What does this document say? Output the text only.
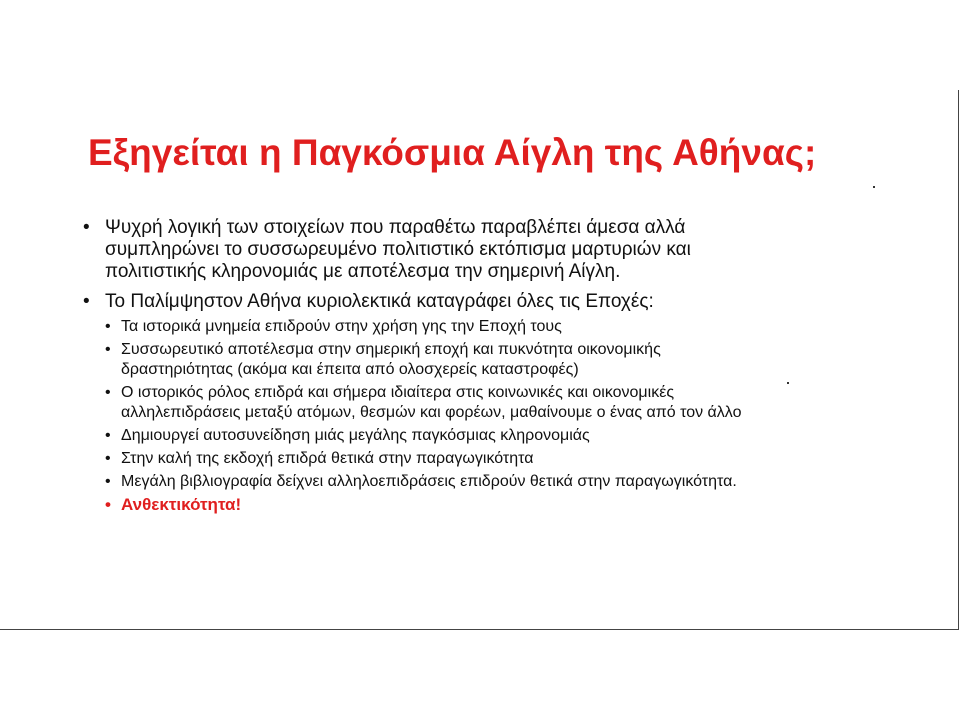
Εξηγείται η Παγκόσμια Αίγλη της Αθήνας;
• Ψυχρή λογική των στοιχείων που παραθέτω παραβλέπει άμεσα αλλά
συμπληρώνει το συσσωρευμένο πολιτιστικό εκτόπισμα μαρτυριών και
πολιτιστικής κληρονομιάς με αποτέλεσμα την σημερινή Αίγλη.
• Το Παλίμψηστον Αθήνα κυριολεκτικά καταγράφει όλες τις Εποχές:
• Τα ιστορικά μνημεία επιδρούν στην χρήση γης την Εποχή τους
• Συσσωρευτικό αποτέλεσμα στην σημερική εποχή και πυκνότητα οικονομικής
δραστηριότητας (ακόμα και έπειτα από ολοσχερείς καταστροφές)
• Ο ιστορικός ρόλος επιδρά και σήμερα ιδιαίτερα στις κοινωνικές και οικονομικές
αλληλεπιδράσεις μεταξύ ατόμων, θεσμών και φορέων, μαθαίνουμε ο ένας από τον άλλο
• Δημιουργεί αυτοσυνείδηση μιάς μεγάλης παγκόσμιας κληρονομιάς
• Στην καλή της εκδοχή επιδρά θετικά στην παραγωγικότητα
• Μεγάλη βιβλιογραφία δείχνει αλληλοεπιδράσεις επιδρούν θετικά στην παραγωγικότητα.
• Ανθεκτικότητα!
